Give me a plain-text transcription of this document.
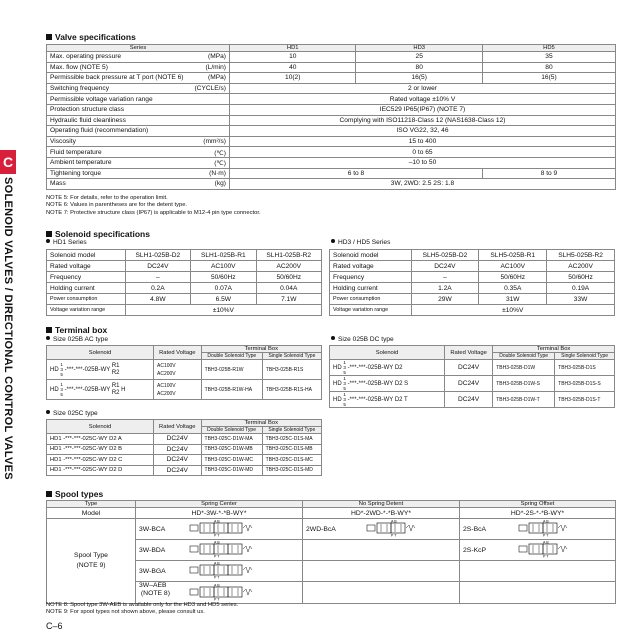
C
SOLENOID VALVES / DIRECTIONAL CONTROL VALVES
Valve specifications
Series	HD1	HD3	HD5
Max. operating pressure (MPa)	10	25	35
Max. flow (NOTE 5) (L/min)	40	80	80
Permissible back pressure at T port (NOTE 6) (MPa)	10(2)	16(5)	16(5)
Switching frequency (CYCLE/s)	2 or lower		
Permissible voltage variation range	Rated voltage ±10% V		
Protection structure class	IEC529 IP65(IP67) (NOTE 7)		
Hydraulic fluid cleanliness	Complying with ISO11218-Class 12 (NAS1638-Class 12)		
Operating fluid (recommendation)	ISO VG22, 32, 46		
Viscosity (mm²/s)	15 to 400		
Fluid temperature (℃)	0 to 65		
Ambient temperature (℃)	–10 to 50		
Tightening torque (N·m)	6 to 8		8 to 9
Mass (kg)	3W, 2WD: 2.5 2S: 1.8		
NOTE 5: For details, refer to the operation limit.
NOTE 6: Values in parentheses are for the detent type.
NOTE 7: Protective structure class (IP67) is applicable to M12-4 pin type connector.
Solenoid specifications
HD1 Series	HD3 / HD5 Series
Solenoid model	SLH1-025B-D2	SLH1-025B-R1	SLH1-025B-R2
Rated voltage	DC24V	AC100V	AC200V
Frequency	–	50/60Hz	50/60Hz
Holding current	0.2A	0.07A	0.04A
Power consumption	4.8W	6.5W	7.1W
Voltage variation range	±10%V		
Solenoid model	SLH5-025B-D2	SLH5-025B-R1	SLH5-025B-R2
Rated voltage	DC24V	AC100V	AC200V
Frequency	–	50/60Hz	50/60Hz
Holding current	1.2A	0.35A	0.19A
Power consumption	29W	31W	33W
Voltage variation range	±10%V		
Terminal box
Size 025B AC type	Size 025B DC type
Solenoid	Rated Voltage	Terminal Box	
		Double Solenoid Type	Single Solenoid Type
HD 1
3
5 -***-***-025B-WY R1
R2	AC100V
AC200V	TBH3-025B-R1W	TBH3-025B-R1S
HD 1
3
5 -***-***-025B-WY R1
R2 H	AC100V
AC200V	TBH3-025B-R1W-HA	TBH3-025B-R1S-HA
Solenoid	Rated Voltage	Terminal Box	
		Double Solenoid Type	Single Solenoid Type
HD 1
3
5 -***-***-025B-WY D2	DC24V	TBH3-025B-D1W	TBH3-025B-D1S
HD 1
3
5 -***-***-025B-WY D2 S	DC24V	TBH3-025B-D1W-S	TBH3-025B-D1S-S
HD 1
3
5 -***-***-025B-WY D2 T	DC24V	TBH3-025B-D1W-T	TBH3-025B-D1S-T
Size 025C type
Solenoid	Rated Voltage	Terminal Box	
		Double Solenoid Type	Single Solenoid Type
HD1 -***-***-025C-WY D2 A	DC24V	TBH3-025C-D1W-MA	TBH3-025C-D1S-MA
HD1 -***-***-025C-WY D2 B	DC24V	TBH3-025C-D1W-MB	TBH3-025C-D1S-MB
HD1 -***-***-025C-WY D2 C	DC24V	TBH3-025C-D1W-MC	TBH3-025C-D1S-MC
HD1 -***-***-025C-WY D2 D	DC24V	TBH3-025C-D1W-MD	TBH3-025C-D1S-MD
Spool types
Type	Spring Center	No Spring Detent	Spring Offset
Model	HD*-3W-*-*B-WY*	HD*-2WD-*-*B-WY*	HD*-2S-*-*B-WY*
Spool Type
(NOTE 9)	3W-BCA
A B
P T	2WD-BcA
A B
P T	2S-BcA
A B
P T

	3W-BDA
A B
P T		2S-KcP
A B
P T

	3W-BGA
A B
P T		

	3W–AEB
(NOTE 8)
A B
P T		

NOTE 8: Spool type 3W-AEB is available only for the HD3 and HD5 series.
NOTE 9: For spool types not shown above, please consult us.
C–6
